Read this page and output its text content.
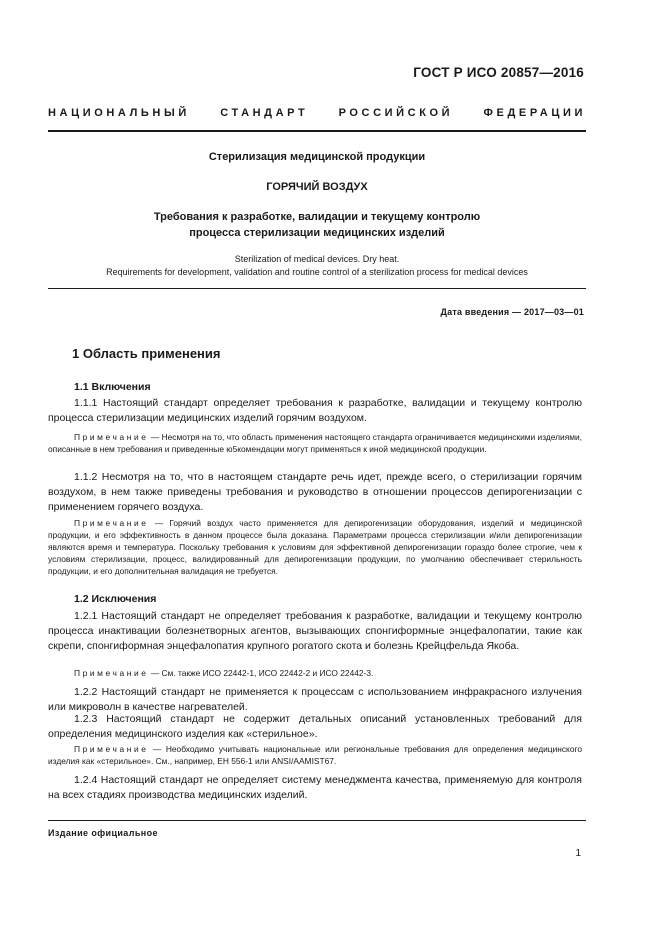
ГОСТ Р ИСО 20857—2016
НАЦИОНАЛЬНЫЙ СТАНДАРТ РОССИЙСКОЙ ФЕДЕРАЦИИ
Стерилизация медицинской продукции
ГОРЯЧИЙ ВОЗДУХ
Требования к разработке, валидации и текущему контролю
процесса стерилизации медицинских изделий
Sterilization of medical devices. Dry heat.
Requirements for development, validation and routine control of a sterilization process for medical devices
Дата введения — 2017—03—01
1 Область применения
1.1 Включения

1.1.1 Настоящий стандарт определяет требования к разработке, валидации и текущему контролю процесса стерилизации медицинских изделий горячим воздухом.

Примечание — Несмотря на то, что область применения настоящего стандарта ограничивается медицинскими изделиями, описанные в нем требования и приведенные ю5комендации могут применяться к иной медицинской продукции.

1.1.2 Несмотря на то, что в настоящем стандарте речь идет, прежде всего, о стерилизации горячим воздухом, в нем также приведены требования и руководство в отношении процессов депирогенизации с применением горячего воздуха.

Примечание — Горячий воздух часто применяется для депирогенизации оборудования, изделий и медицинской продукции, и его эффективность в данном процессе была доказана. Параметрами процесса стерилизации и/или депирогенизации являются время и температура. Поскольку требования к условиям для эффективной депирогенизации гораздо более строгие, чем к условиям стерилизации, процесс, валидированный для депирогенизации продукции, по умолчанию обеспечивает стерильность продукции, и его дополнительная валидация не требуется.

1.2 Исключения

1.2.1 Настоящий стандарт не определяет требования к разработке, валидации и текущему контролю процесса инактивации болезнетворных агентов, вызывающих спонгиформные энцефалопатии, такие как скрепи, спонгиформная энцефалопатия крупного рогатого скота и болезнь Крейцфельда Якоба.

Примечание — См. также ИСО 22442-1, ИСО 22442-2 и ИСО 22442-3.

1.2.2 Настоящий стандарт не применяется к процессам с использованием инфракрасного излучения или микроволн в качестве нагревателей.

1.2.3 Настоящий стандарт не содержит детальных описаний установленных требований для определения медицинского изделия как «стерильное».

Примечание — Необходимо учитывать национальные или региональные требования для определения медицинского изделия как «стерильное». См., например, ЕН 556-1 или ANSI/AAMIST67.

1.2.4 Настоящий стандарт не определяет систему менеджмента качества, применяемую для контроля на всех стадиях производства медицинских изделий.

Издание официальное
1
